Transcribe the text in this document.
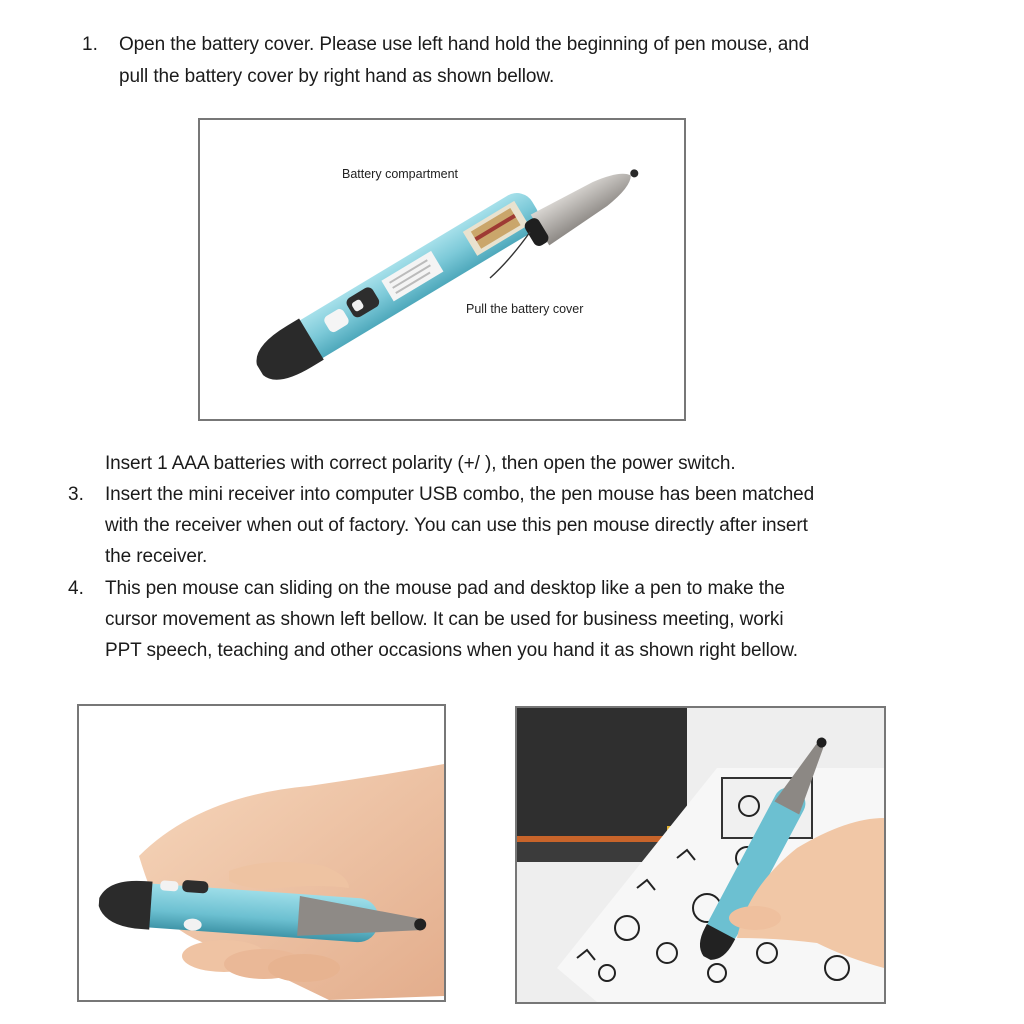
1. Open the battery cover. Please use left hand hold the beginning of pen mouse, and
pull the battery cover by right hand as shown bellow.
Battery compartment
Pull the battery cover
Insert 1 AAA batteries with correct polarity (+/ ), then open the power switch.
3. Insert the mini receiver into computer USB combo, the pen mouse has been matched
with the receiver when out of factory. You can use this pen mouse directly after insert
the receiver.
4. This pen mouse can sliding on the mouse pad and desktop like a pen to make the
cursor movement as shown left bellow. It can be used for business meeting, worki
PPT speech, teaching and other occasions when you hand it as shown right bellow.
